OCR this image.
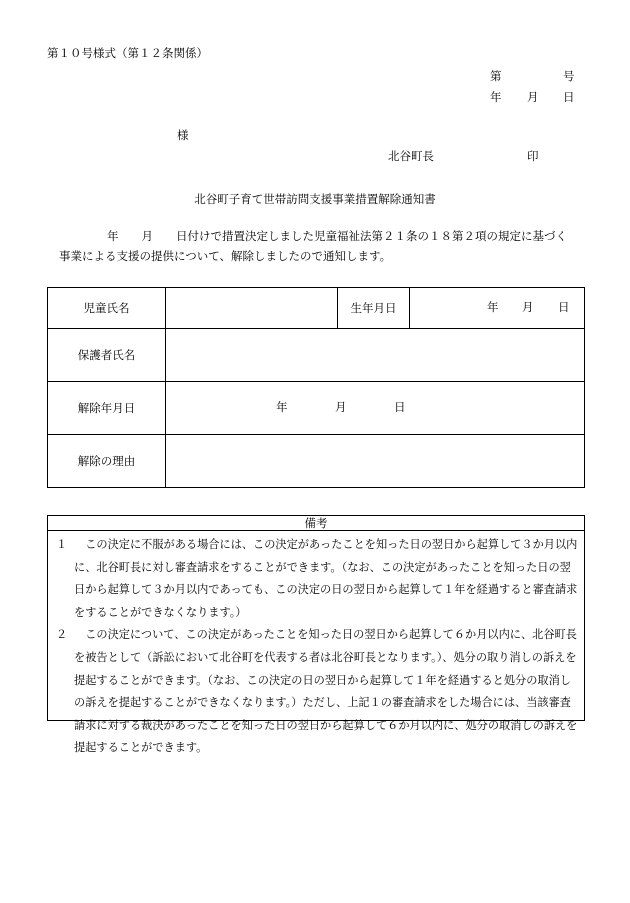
第１０号様式（第１２条関係）
第	号
年 月 日
様
北谷町長	印
北谷町子育て世帯訪問支援事業措置解除通知書
年　　月　　日付けで措置決定しました児童福祉法第２１条の１８第２項の規定に基づく
事業による支援の提供について、解除しましたので通知します。
児童氏名		生年月日	年 月 日

保護者氏名			
解除年月日	年 月 日		

解除の理由			
備考
１	この決定に不服がある場合には、この決定があったことを知った日の翌日から起算して３か月以内に、北谷町長に対し審査請求をすることができます。（なお、この決定があったことを知った日の翌日から起算して３か月以内であっても、この決定の日の翌日から起算して１年を経過すると審査請求をすることができなくなります。）
２	この決定について、この決定があったことを知った日の翌日から起算して６か月以内に、北谷町長を被告として（訴訟において北谷町を代表する者は北谷町長となります。）、処分の取り消しの訴えを提起することができます。（なお、この決定の日の翌日から起算して１年を経過すると処分の取消しの訴えを提起することができなくなります。）ただし、上記１の審査請求をした場合には、当該審査請求に対する裁決があったことを知った日の翌日から起算して６か月以内に、処分の取消しの訴えを提起することができます。
